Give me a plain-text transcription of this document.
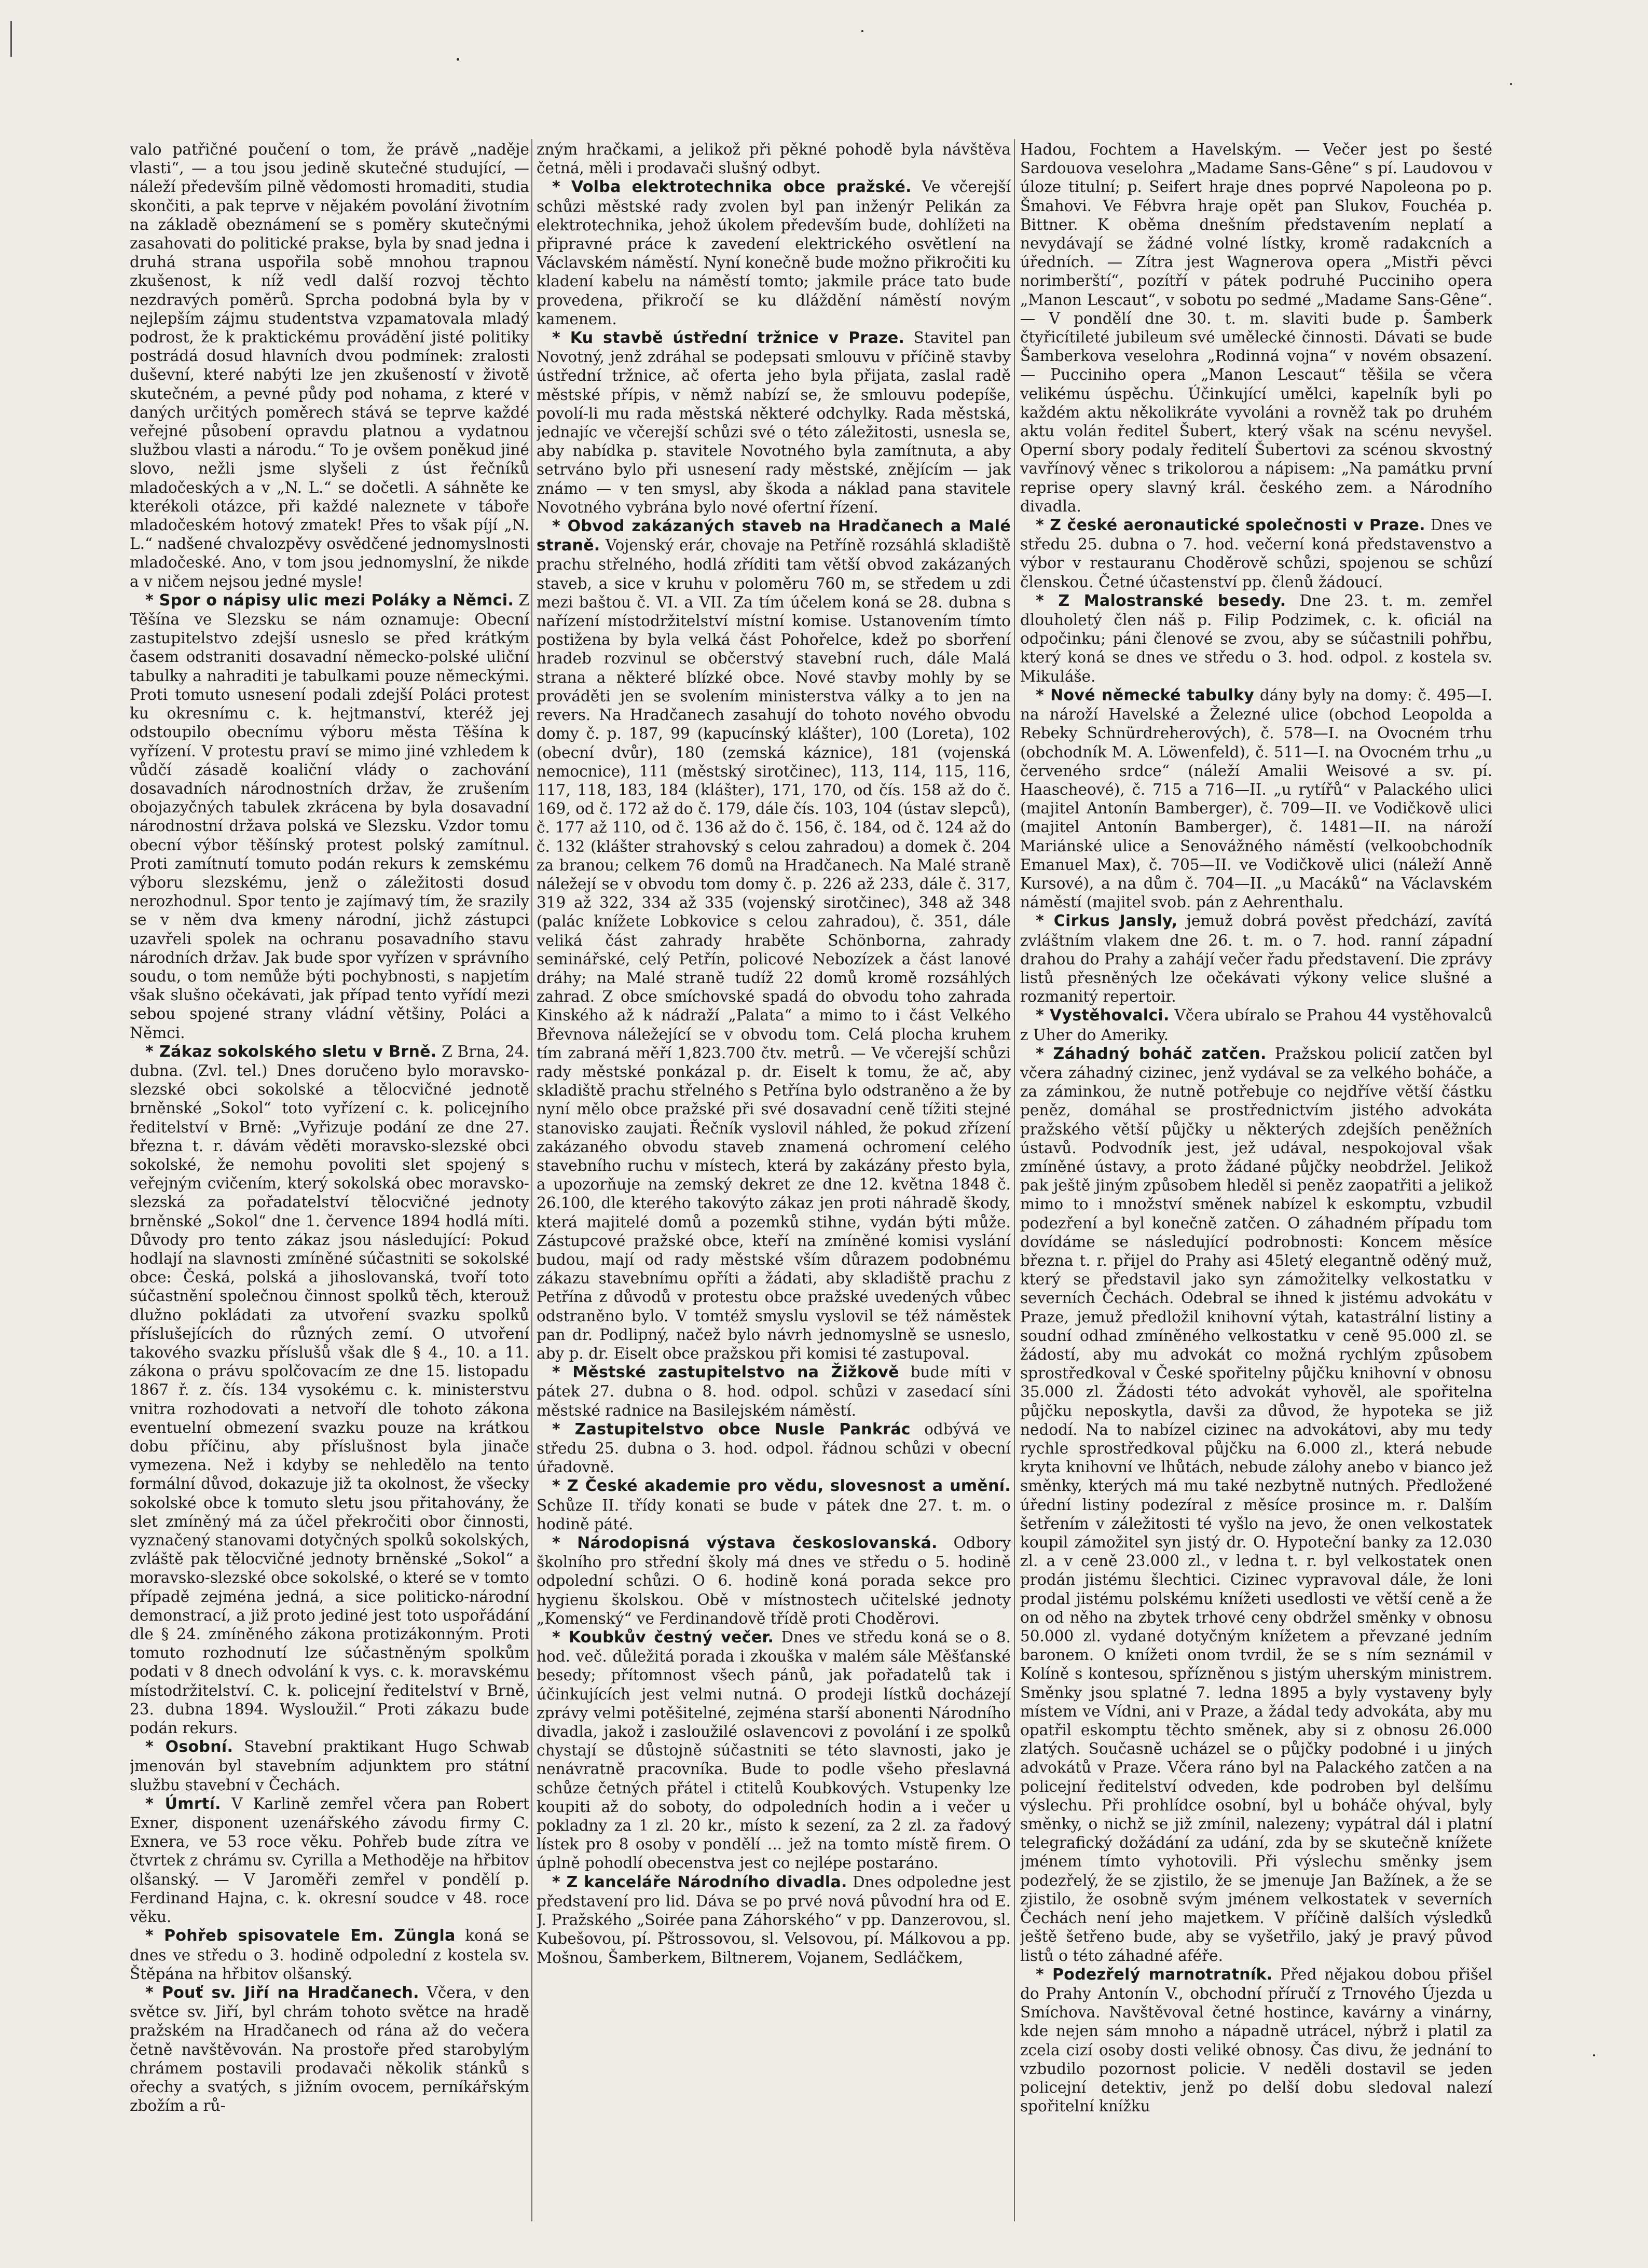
valo patřičné poučení o tom, že právě „naděje vlasti“, — a tou jsou jedině skutečné studující, — náleží především pilně vědomosti hromaditi, studia skončiti, a pak teprve v nějakém povolání životním na základě obeznámení se s poměry skutečnými zasahovati do politické prakse, byla by snad jedna i druhá strana uspořila sobě mnohou trapnou zkušenost, k níž vedl další rozvoj těchto nezdravých poměrů. Sprcha podobná byla by v nejlepším zájmu studentstva vzpamatovala mladý podrost, že k praktickému provádění jisté politiky postrádá dosud hlavních dvou podmínek: zralosti duševní, které nabýti lze jen zkušeností v životě skutečném, a pevné půdy pod nohama, z které v daných určitých poměrech stává se teprve každé veřejné působení opravdu platnou a vydatnou službou vlasti a národu.“ To je ovšem poněkud jiné slovo, nežli jsme slyšeli z úst řečníků mladočeských a v „N. L.“ se dočetli. A sáhněte ke kterékoli otázce, při každé naleznete v táboře mladočeském hotový zmatek! Přes to však píjí „N. L.“ nadšené chvalozpěvy osvědčené jednomyslnosti mladočeské. Ano, v tom jsou jednomyslní, že nikde a v ničem nejsou jedné mysle!

* Spor o nápisy ulic mezi Poláky a Němci. Z Těšína ve Slezsku se nám oznamuje: Obecní zastupitelstvo zdejší usneslo se před krátkým časem odstraniti dosavadní německo-polské uliční tabulky a nahraditi je tabulkami pouze německými. Proti tomuto usnesení podali zdejší Poláci protest ku okresnímu c. k. hejtmanství, kteréž jej odstoupilo obecnímu výboru města Těšína k vyřízení. V protestu praví se mimo jiné vzhledem k vůdčí zásadě koaliční vlády o zachování dosavadních národnostních držav, že zrušením obojazyčných tabulek zkrácena by byla dosavadní národnostní država polská ve Slezsku. Vzdor tomu obecní výbor těšínský protest polský zamítnul. Proti zamítnutí tomuto podán rekurs k zemskému výboru slezskému, jenž o záležitosti dosud nerozhodnul. Spor tento je zajímavý tím, že srazily se v něm dva kmeny národní, jichž zástupci uzavřeli spolek na ochranu posavadního stavu národních držav. Jak bude spor vyřízen v správního soudu, o tom nemůže býti pochybnosti, s napjetím však slušno očekávati, jak případ tento vyřídí mezi sebou spojené strany vládní většiny, Poláci a Němci.

* Zákaz sokolského sletu v Brně. Z Brna, 24. dubna. (Zvl. tel.) Dnes doručeno bylo moravsko-slezské obci sokolské a tělocvičné jednotě brněnské „Sokol“ toto vyřízení c. k. policejního ředitelství v Brně: „Vyřizuje podání ze dne 27. března t. r. dávám věděti moravsko-slezské obci sokolské, že nemohu povoliti slet spojený s veřejným cvičením, který sokolská obec moravsko-slezská za pořadatelství tělocvičné jednoty brněnské „Sokol“ dne 1. července 1894 hodlá míti. Důvody pro tento zákaz jsou následující: Pokud hodlají na slavnosti zmíněné súčastniti se sokolské obce: Česká, polská a jihoslovanská, tvoří toto súčastnění společnou činnost spolků těch, kterouž dlužno pokládati za utvoření svazku spolků příslušejících do různých zemí. O utvoření takového svazku příslušů však dle § 4., 10. a 11. zákona o právu spolčovacím ze dne 15. listopadu 1867 ř. z. čís. 134 vysokému c. k. ministerstvu vnitra rozhodovati a netvoří dle tohoto zákona eventuelní obmezení svazku pouze na krátkou dobu příčinu, aby příslušnost byla jinače vymezena. Než i kdyby se nehledělo na tento formální důvod, dokazuje již ta okolnost, že všecky sokolské obce k tomuto sletu jsou přitahovány, že slet zmíněný má za účel překročiti obor činnosti, vyznačený stanovami dotyčných spolků sokolských, zvláště pak tělocvičné jednoty brněnské „Sokol“ a moravsko-slezské obce sokolské, o které se v tomto případě zejména jedná, a sice politicko-národní demonstrací, a již proto jediné jest toto uspořádání dle § 24. zmíněného zákona protizákonným. Proti tomuto rozhodnutí lze súčastněným spolkům podati v 8 dnech odvolání k vys. c. k. moravskému místodržitelství. C. k. policejní ředitelství v Brně, 23. dubna 1894. Wysloužil.“ Proti zákazu bude podán rekurs.

* Osobní. Stavební praktikant Hugo Schwab jmenován byl stavebním adjunktem pro státní službu stavební v Čechách.

* Úmrtí. V Karlině zemřel včera pan Robert Exner, disponent uzenářského závodu firmy C. Exnera, ve 53 roce věku. Pohřeb bude zítra ve čtvrtek z chrámu sv. Cyrilla a Methoděje na hřbitov olšanský. — V Jaroměři zemřel v pondělí p. Ferdinand Hajna, c. k. okresní soudce v 48. roce věku.

* Pohřeb spisovatele Em. Züngla koná se dnes ve středu o 3. hodině odpolední z kostela sv. Štěpána na hřbitov olšanský.

* Pouť sv. Jiří na Hradčanech. Včera, v den světce sv. Jiří, byl chrám tohoto světce na hradě pražském na Hradčanech od rána až do večera četně navštěvován. Na prostoře před starobylým chrámem postavili prodavači několik stánků s ořechy a svatých, s jižním ovocem, perníkářským zbožím a rů-

zným hračkami, a jelikož při pěkné pohodě byla návštěva četná, měli i prodavači slušný odbyt.

* Volba elektrotechnika obce pražské. Ve včerejší schůzi městské rady zvolen byl pan inženýr Pelikán za elektrotechnika, jehož úkolem především bude, dohlížeti na připravné práce k zavedení elektrického osvětlení na Václavském náměstí. Nyní konečně bude možno přikročiti ku kladení kabelu na náměstí tomto; jakmile práce tato bude provedena, přikročí se ku dláždění náměstí novým kamenem.

* Ku stavbě ústřední tržnice v Praze. Stavitel pan Novotný, jenž zdráhal se podepsati smlouvu v příčině stavby ústřední tržnice, ač oferta jeho byla přijata, zaslal radě městské přípis, v němž nabízí se, že smlouvu podepíše, povolí-li mu rada městská některé odchylky. Rada městská, jednajíc ve včerejší schůzi své o této záležitosti, usnesla se, aby nabídka p. stavitele Novotného byla zamítnuta, a aby setrváno bylo při usnesení rady městské, znějícím — jak známo — v ten smysl, aby škoda a náklad pana stavitele Novotného vybrána bylo nové ofertní řízení.

* Obvod zakázaných staveb na Hradčanech a Malé straně. Vojenský erár, chovaje na Petříně rozsáhlá skladiště prachu střelného, hodlá zříditi tam větší obvod zakázaných staveb, a sice v kruhu v poloměru 760 m, se středem u zdi mezi baštou č. VI. a VII. Za tím účelem koná se 28. dubna s nařízení místodržitelství místní komise. Ustanovením tímto postižena by byla velká část Pohořelce, kdež po sborření hradeb rozvinul se občerstvý stavební ruch, dále Malá strana a některé blízké obce. Nové stavby mohly by se prováděti jen se svolením ministerstva války a to jen na revers. Na Hradčanech zasahují do tohoto nového obvodu domy č. p. 187, 99 (kapucínský klášter), 100 (Loreta), 102 (obecní dvůr), 180 (zemská káznice), 181 (vojenská nemocnice), 111 (městský sirotčinec), 113, 114, 115, 116, 117, 118, 183, 184 (klášter), 171, 170, od čís. 158 až do č. 169, od č. 172 až do č. 179, dále čís. 103, 104 (ústav slepců), č. 177 až 110, od č. 136 až do č. 156, č. 184, od č. 124 až do č. 132 (klášter strahovský s celou zahradou) a domek č. 204 za branou; celkem 76 domů na Hradčanech. Na Malé straně náležejí se v obvodu tom domy č. p. 226 až 233, dále č. 317, 319 až 322, 334 až 335 (vojenský sirotčinec), 348 až 348 (palác knížete Lobkovice s celou zahradou), č. 351, dále veliká část zahrady hraběte Schönborna, zahrady seminářské, celý Petřín, policové Nebozízek a část lanové dráhy; na Malé straně tudíž 22 domů kromě rozsáhlých zahrad. Z obce smíchovské spadá do obvodu toho zahrada Kinského až k nádraží „Palata“ a mimo to i část Velkého Břevnova náležející se v obvodu tom. Celá plocha kruhem tím zabraná měří 1,823.700 čtv. metrů. — Ve včerejší schůzi rady městské ponkázal p. dr. Eiselt k tomu, že ač, aby skladiště prachu střelného s Petřína bylo odstraněno a že by nyní mělo obce pražské při své dosavadní ceně tížiti stejné stanovisko zaujati. Řečník vyslovil náhled, že pokud zřízení zakázaného obvodu staveb znamená ochromení celého stavebního ruchu v místech, která by zakázány přesto byla, a upozorňuje na zemský dekret ze dne 12. května 1848 č. 26.100, dle kterého takovýto zákaz jen proti náhradě škody, která majitelé domů a pozemků stihne, vydán býti může. Zástupcové pražské obce, kteří na zmíněné komisi vyslání budou, mají od rady městské vším důrazem podobnému zákazu stavebnímu opříti a žádati, aby skladiště prachu z Petřína z důvodů v protestu obce pražské uvedených vůbec odstraněno bylo. V tomtéž smyslu vyslovil se též náměstek pan dr. Podlipný, načež bylo návrh jednomyslně se usneslo, aby p. dr. Eiselt obce pražskou při komisi té zastupoval.

* Městské zastupitelstvo na Žižkově bude míti v pátek 27. dubna o 8. hod. odpol. schůzi v zasedací síni městské radnice na Basilejském náměstí.

* Zastupitelstvo obce Nusle Pankrác odbývá ve středu 25. dubna o 3. hod. odpol. řádnou schůzi v obecní úřadovně.

* Z České akademie pro vědu, slovesnost a umění. Schůze II. třídy konati se bude v pátek dne 27. t. m. o hodině páté.

* Národopisná výstava českoslovanská. Odbory školního pro střední školy má dnes ve středu o 5. hodině odpolední schůzi. O 6. hodině koná porada sekce pro hygienu školskou. Obě v místnostech učitelské jednoty „Komenský“ ve Ferdinandově třídě proti Choděrovi.

* Koubkův čestný večer. Dnes ve středu koná se o 8. hod. več. důležitá porada i zkouška v malém sále Měšťanské besedy; přítomnost všech pánů, jak pořadatelů tak i účinkujících jest velmi nutná. O prodeji lístků docházejí zprávy velmi potěšitelné, zejména starší abonenti Národního divadla, jakož i zasloužilé oslavencovi z povolání i ze spolků chystají se důstojně súčastniti se této slavnosti, jako je nenávratně pracovníka. Bude to podle všeho přeslavná schůze četných přátel i ctitelů Koubkových. Vstupenky lze koupiti až do soboty, do odpoledních hodin a i večer u pokladny za 1 zl. 20 kr., místo k sezení, za 2 zl. za řadový lístek pro 8 osoby v pondělí ... jež na tomto místě firem. O úplně pohodlí obecenstva jest co nejlépe postaráno.

* Z kanceláře Národního divadla. Dnes odpoledne jest představení pro lid. Dáva se po prvé nová původní hra od E. J. Pražského „Soirée pana Záhorského“ v pp. Danzerovou, sl. Kubešovou, pí. Pštrossovou, sl. Velsovou, pí. Málkovou a pp. Mošnou, Šamberkem, Biltnerem, Vojanem, Sedláčkem,

Hadou, Fochtem a Havelským. — Večer jest po šesté Sardouova veselohra „Madame Sans-Gêne“ s pí. Laudovou v úloze titulní; p. Seifert hraje dnes poprvé Napoleona po p. Šmahovi. Ve Fébvra hraje opět pan Slukov, Fouchéa p. Bittner. K oběma dnešním představením neplatí a nevydávají se žádné volné lístky, kromě radakcních a úředních. — Zítra jest Wagnerova opera „Mistři pěvci norimberští“, pozítří v pátek podruhé Pucciniho opera „Manon Lescaut“, v sobotu po sedmé „Madame Sans-Gêne“. — V pondělí dne 30. t. m. slaviti bude p. Šamberk čtyřicítileté jubileum své umělecké činnosti. Dávati se bude Šamberkova veselohra „Rodinná vojna“ v novém obsazení. — Pucciniho opera „Manon Lescaut“ těšila se včera velikému úspěchu. Účinkující umělci, kapelník byli po každém aktu několikráte vyvoláni a rovněž tak po druhém aktu volán ředitel Šubert, který však na scénu nevyšel. Operní sbory podaly ředitelí Šubertovi za scénou skvostný vavřínový věnec s trikolorou a nápisem: „Na památku první reprise opery slavný král. českého zem. a Národního divadla.

* Z české aeronautické společnosti v Praze. Dnes ve středu 25. dubna o 7. hod. večerní koná představenstvo a výbor v restauranu Choděrově schůzi, spojenou se schůzí členskou. Četné účastenství pp. členů žádoucí.

* Z Malostranské besedy. Dne 23. t. m. zemřel dlouholetý člen náš p. Filip Podzimek, c. k. oficiál na odpočinku; páni členové se zvou, aby se súčastnili pohřbu, který koná se dnes ve středu o 3. hod. odpol. z kostela sv. Mikuláše.

* Nové německé tabulky dány byly na domy: č. 495—I. na nároží Havelské a Železné ulice (obchod Leopolda a Rebeky Schnürdreherových), č. 578—I. na Ovocném trhu (obchodník M. A. Löwenfeld), č. 511—I. na Ovocném trhu „u červeného srdce“ (náleží Amalii Weisové a sv. pí. Haascheové), č. 715 a 716—II. „u rytířů“ v Palackého ulici (majitel Antonín Bamberger), č. 709—II. ve Vodičkově ulici (majitel Antonín Bamberger), č. 1481—II. na nároží Mariánské ulice a Senovážného náměstí (velkoobchodník Emanuel Max), č. 705—II. ve Vodičkově ulici (náleží Anně Kursové), a na dům č. 704—II. „u Macáků“ na Václavském náměstí (majitel svob. pán z Aehrenthalu.

* Cirkus Jansly, jemuž dobrá pověst předchází, zavítá zvláštním vlakem dne 26. t. m. o 7. hod. ranní západní drahou do Prahy a zahájí večer řadu představení. Die zprávy listů přesněných lze očekávati výkony velice slušné a rozmanitý repertoir.

* Vystěhovalci. Včera ubíralo se Prahou 44 vystěhovalců z Uher do Ameriky.

* Záhadný boháč zatčen. Pražskou policií zatčen byl včera záhadný cizinec, jenž vydával se za velkého boháče, a za záminkou, že nutně potřebuje co nejdříve větší částku peněz, domáhal se prostřednictvím jistého advokáta pražského větší půjčky u některých zdejších peněžních ústavů. Podvodník jest, jež udával, nespokojoval však zmíněné ústavy, a proto žádané půjčky neobdržel. Jelikož pak ještě jiným způsobem hleděl si peněz zaopatřiti a jelikož mimo to i množství směnek nabízel k eskomptu, vzbudil podezření a byl konečně zatčen. O záhadném případu tom dovídáme se následující podrobnosti: Koncem měsíce března t. r. přijel do Prahy asi 45letý elegantně oděný muž, který se představil jako syn zámožitelky velkostatku v severních Čechách. Odebral se ihned k jistému advokátu v Praze, jemuž předložil knihovní výtah, katastrální listiny a soudní odhad zmíněného velkostatku v ceně 95.000 zl. se žádostí, aby mu advokát co možná rychlým způsobem sprostředkoval v České spořitelny půjčku knihovní v obnosu 35.000 zl. Žádosti této advokát vyhověl, ale spořitelna půjčku neposkytla, davši za důvod, že hypoteka se již nedodí. Na to nabízel cizinec na advokátovi, aby mu tedy rychle sprostředkoval půjčku na 6.000 zl., která nebude kryta knihovní ve lhůtách, nebude zálohy anebo v bianco jež směnky, kterých má mu také nezbytně nutných. Předložené úřední listiny podezíral z měsíce prosince m. r. Dalším šetřením v záležitosti té vyšlo na jevo, že onen velkostatek koupil zámožitel syn jistý dr. O. Hypoteční banky za 12.030 zl. a v ceně 23.000 zl., v ledna t. r. byl velkostatek onen prodán jistému šlechtici. Cizinec vypravoval dále, že loni prodal jistému polskému knížeti usedlosti ve větší ceně a že on od něho na zbytek trhové ceny obdržel směnky v obnosu 50.000 zl. vydané dotyčným knížetem a převzané jedním baronem. O knížeti onom tvrdil, že se s ním seznámil v Kolíně s kontesou, spřízněnou s jistým uherským ministrem. Směnky jsou splatné 7. ledna 1895 a byly vystaveny byly místem ve Vídni, ani v Praze, a žádal tedy advokáta, aby mu opatřil eskomptu těchto směnek, aby si z obnosu 26.000 zlatých. Současně ucházel se o půjčky podobné i u jiných advokátů v Praze. Včera ráno byl na Palackého zatčen a na policejní ředitelství odveden, kde podroben byl delšímu výslechu. Při prohlídce osobní, byl u boháče ohýval, byly směnky, o nichž se již zmínil, nalezeny; vypátral dál i platní telegrafický dožádání za udání, zda by se skutečně knížete jménem tímto vyhotovili. Při výslechu směnky jsem podezřelý, že se zjistilo, že se jmenuje Jan Bažínek, a že se zjistilo, že osobně svým jménem velkostatek v severních Čechách není jeho majetkem. V příčině dalších výsledků ještě šetřeno bude, aby se vyšetřilo, jaký je pravý původ listů o této záhadné aféře.

* Podezřelý marnotratník. Před nějakou dobou přišel do Prahy Antonín V., obchodní příručí z Trnového Újezda u Smíchova. Navštěvoval četné hostince, kavárny a vinárny, kde nejen sám mnoho a nápadně utrácel, nýbrž i platil za zcela cizí osoby dosti veliké obnosy. Čas divu, že jednání to vzbudilo pozornost policie. V neděli dostavil se jeden policejní detektiv, jenž po delší dobu sledoval nalezí spořitelní knížku
